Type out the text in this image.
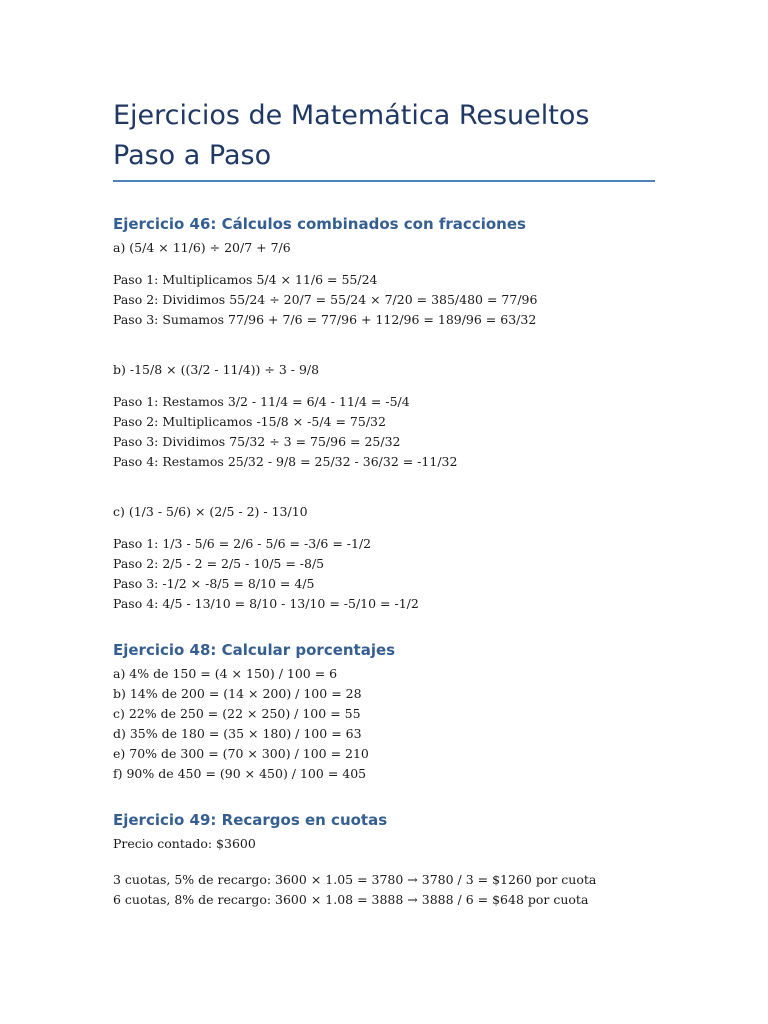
Ejercicios de Matemática Resueltos
Paso a Paso
Ejercicio 46: Cálculos combinados con fracciones

a) (5/4 × 11/6) ÷ 20/7 + 7/6

Paso 1: Multiplicamos 5/4 × 11/6 = 55/24

Paso 2: Dividimos 55/24 ÷ 20/7 = 55/24 × 7/20 = 385/480 = 77/96

Paso 3: Sumamos 77/96 + 7/6 = 77/96 + 112/96 = 189/96 = 63/32

b) -15/8 × ((3/2 - 11/4)) ÷ 3 - 9/8

Paso 1: Restamos 3/2 - 11/4 = 6/4 - 11/4 = -5/4

Paso 2: Multiplicamos -15/8 × -5/4 = 75/32

Paso 3: Dividimos 75/32 ÷ 3 = 75/96 = 25/32

Paso 4: Restamos 25/32 - 9/8 = 25/32 - 36/32 = -11/32

c) (1/3 - 5/6) × (2/5 - 2) - 13/10

Paso 1: 1/3 - 5/6 = 2/6 - 5/6 = -3/6 = -1/2

Paso 2: 2/5 - 2 = 2/5 - 10/5 = -8/5

Paso 3: -1/2 × -8/5 = 8/10 = 4/5

Paso 4: 4/5 - 13/10 = 8/10 - 13/10 = -5/10 = -1/2

Ejercicio 48: Calcular porcentajes

a) 4% de 150 = (4 × 150) / 100 = 6

b) 14% de 200 = (14 × 200) / 100 = 28

c) 22% de 250 = (22 × 250) / 100 = 55

d) 35% de 180 = (35 × 180) / 100 = 63

e) 70% de 300 = (70 × 300) / 100 = 210

f) 90% de 450 = (90 × 450) / 100 = 405

Ejercicio 49: Recargos en cuotas

Precio contado: $3600

3 cuotas, 5% de recargo: 3600 × 1.05 = 3780 → 3780 / 3 = $1260 por cuota

6 cuotas, 8% de recargo: 3600 × 1.08 = 3888 → 3888 / 6 = $648 por cuota
